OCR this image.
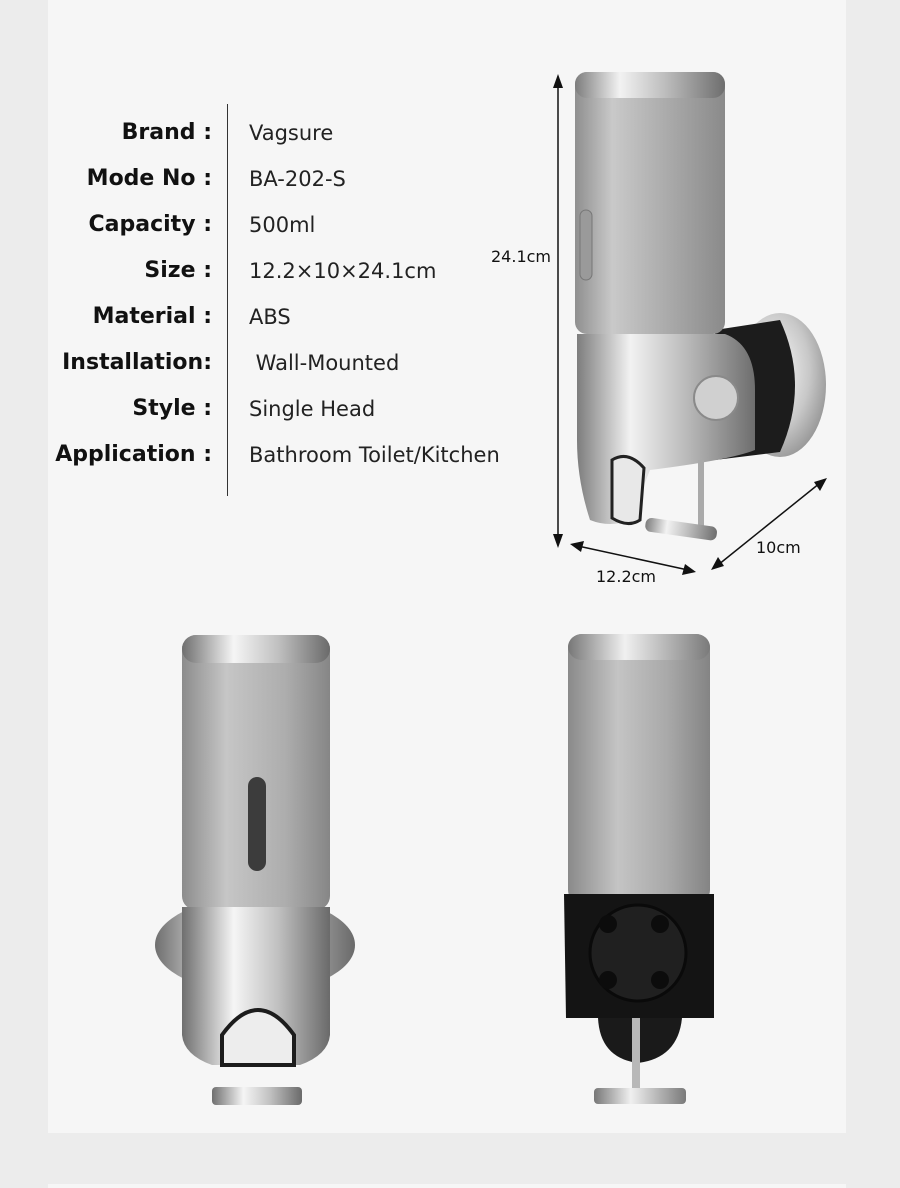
Brand : Vagsure
Mode No : BA-202-S
Capacity : 500ml
Size : 12.2×10×24.1cm
Material : ABS
Installation: Wall-Mounted
Style : Single Head
Application : Bathroom Toilet/Kitchen
24.1cm
12.2cm
10cm
